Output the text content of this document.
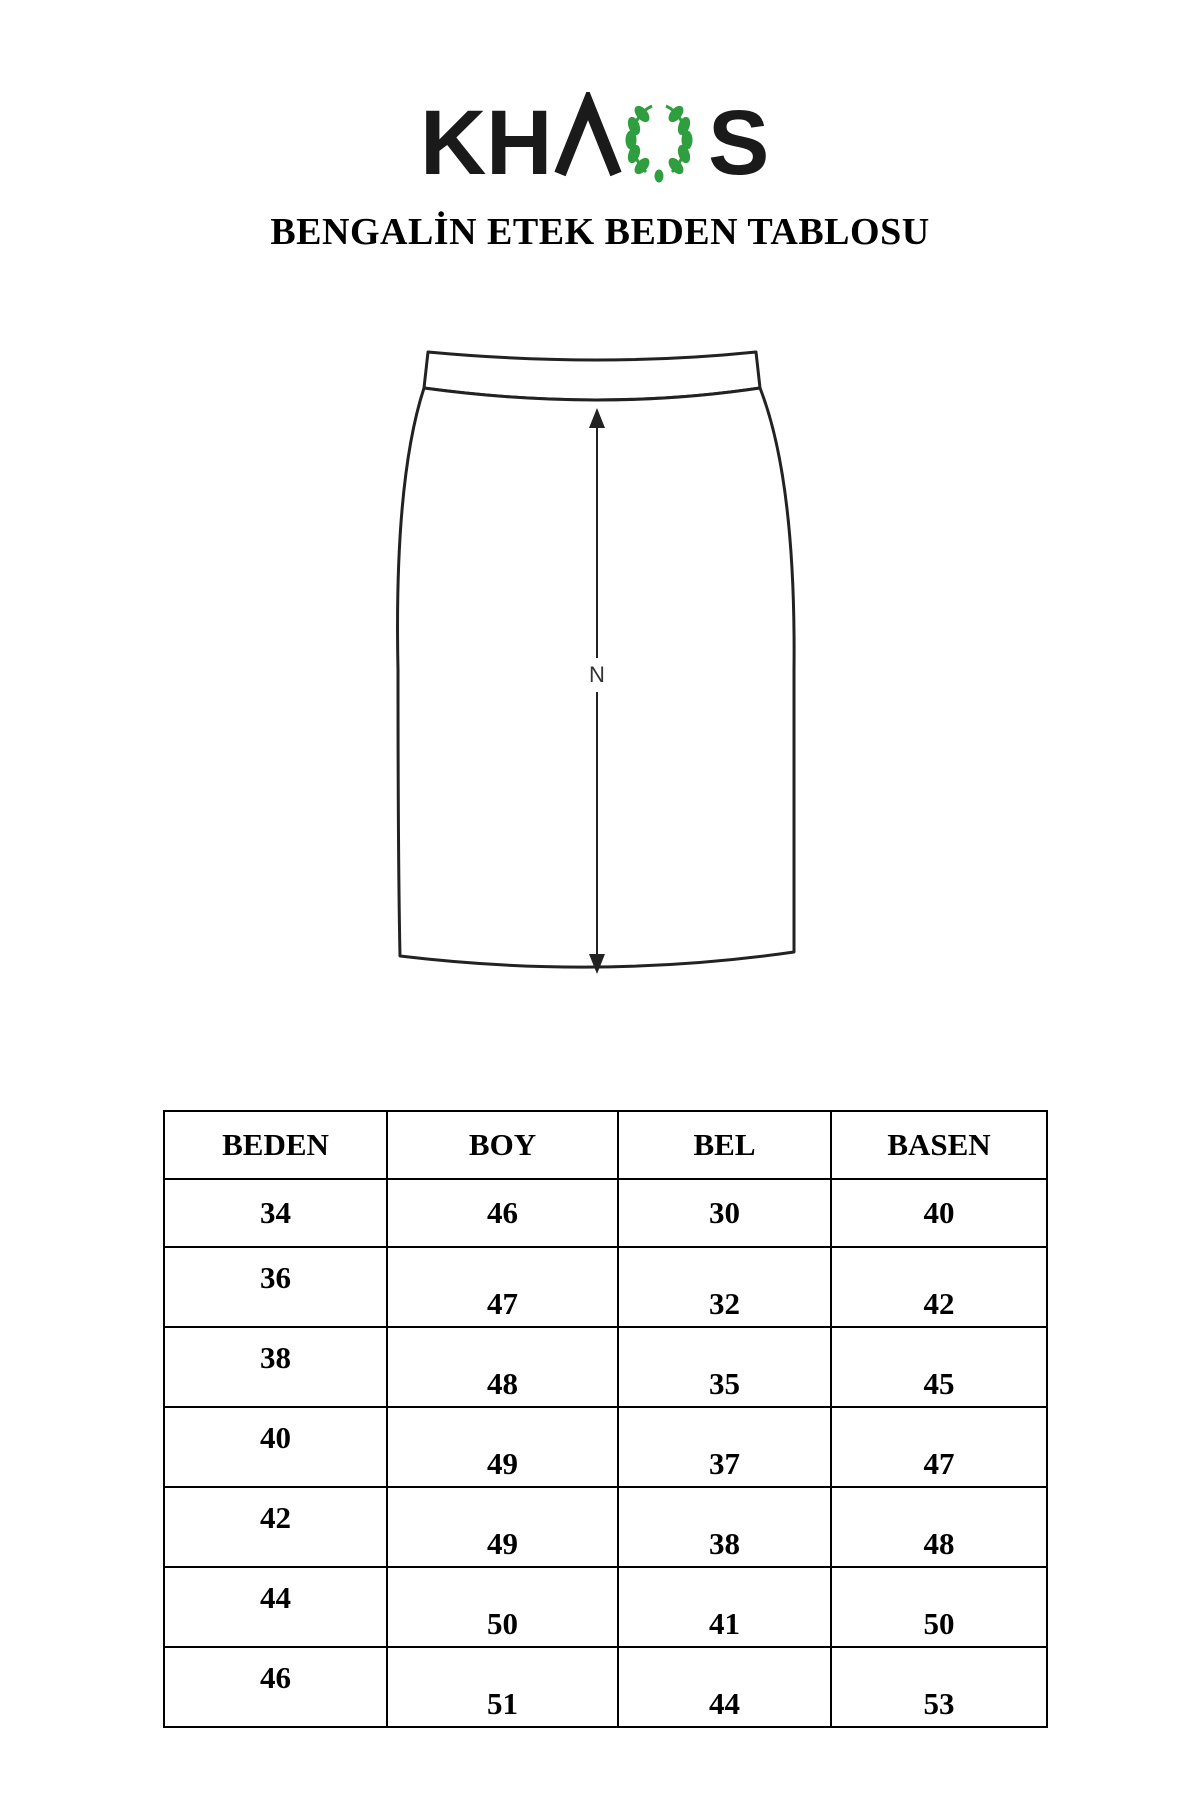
K
H S
BENGALİN ETEK BEDEN TABLOSU
N
BEDEN	BOY	BEL	BASEN
34	46	30	40
36	47	32	42
38	48	35	45
40	49	37	47
42	49	38	48
44	50	41	50
46	51	44	53
